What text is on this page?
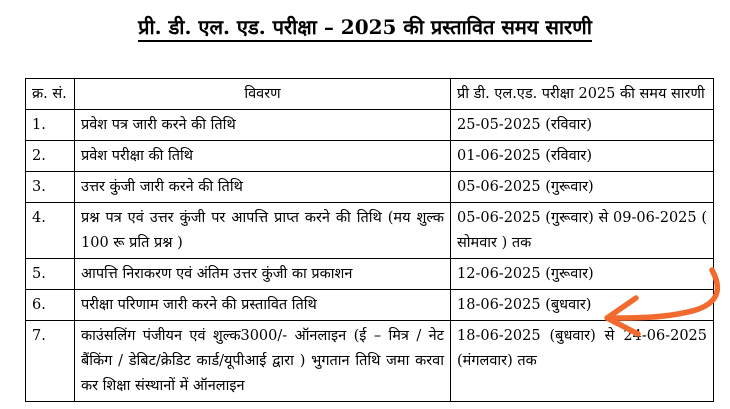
प्री. डी. एल. एड. परीक्षा – 2025 की प्रस्तावित समय सारणी
क्र. सं.	विवरण	प्री डी. एल.एड. परीक्षा 2025 की समय सारणी
1.	प्रवेश पत्र जारी करने की तिथि	25-05-2025 (रविवार)
2.	प्रवेश परीक्षा की तिथि	01-06-2025 (रविवार)
3.	उत्तर कुंजी जारी करने की तिथि	05-06-2025 (गुरूवार)
4.	प्रश्न पत्र एवं उत्तर कुंजी पर आपत्ति प्राप्त करने की तिथि (मय शुल्क 100 रू प्रति प्रश्न )	05-06-2025 (गुरूवार) से 09-06-2025 ( सोमवार ) तक
5.	आपत्ति निराकरण एवं अंतिम उत्तर कुंजी का प्रकाशन	12-06-2025 (गुरूवार)
6.	परीक्षा परिणाम जारी करने की प्रस्तावित तिथि	18-06-2025 (बुधवार)
7.	काउंसलिंग पंजीयन एवं शुल्क3000/- ऑनलाइन (ई – मित्र / नेट बैंकिंग / डेबिट/क्रेडिट कार्ड/यूपीआई द्वारा ) भुगतान तिथि जमा करवा कर शिक्षा संस्थानों में ऑनलाइन	18-06-2025 (बुधवार) से 24-06-2025 (मंगलवार) तक
